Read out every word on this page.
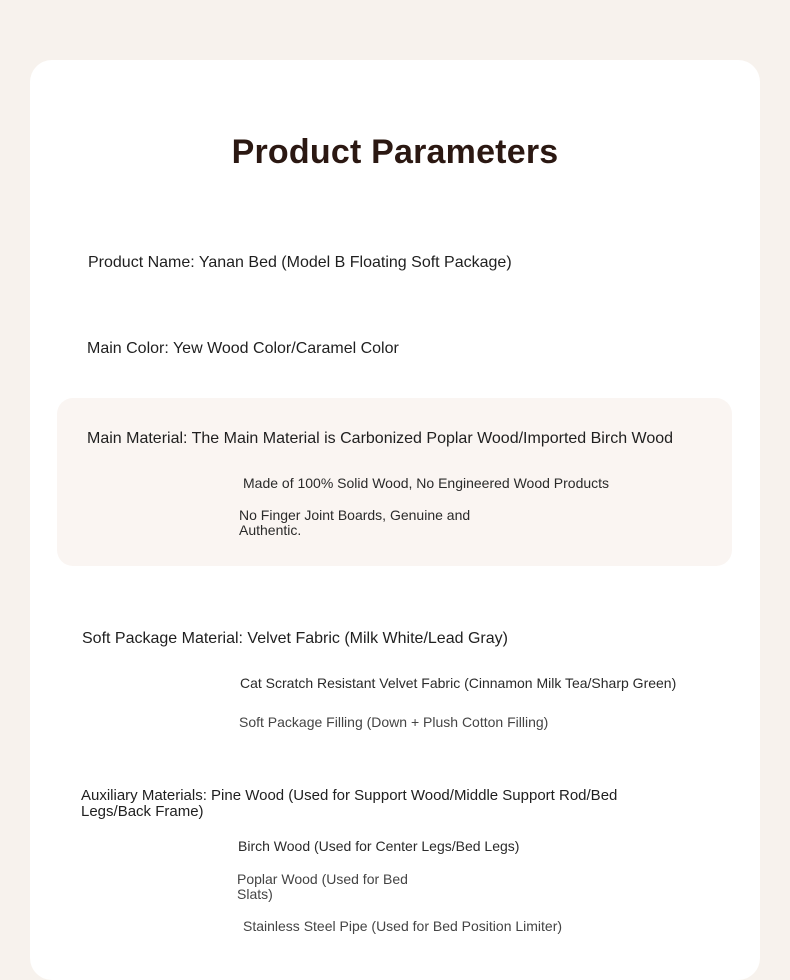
Product Parameters
Product Name: Yanan Bed (Model B Floating Soft Package)
Main Color: Yew Wood Color/Caramel Color
Main Material: The Main Material is Carbonized Poplar Wood/Imported Birch Wood
Made of 100% Solid Wood, No Engineered Wood Products
No Finger Joint Boards, Genuine and Authentic.
Soft Package Material: Velvet Fabric (Milk White/Lead Gray)
Cat Scratch Resistant Velvet Fabric (Cinnamon Milk Tea/Sharp Green)
Soft Package Filling (Down + Plush Cotton Filling)
Auxiliary Materials: Pine Wood (Used for Support Wood/Middle Support Rod/Bed Legs/Back Frame)
Birch Wood (Used for Center Legs/Bed Legs)
Poplar Wood (Used for Bed Slats)
Stainless Steel Pipe (Used for Bed Position Limiter)
